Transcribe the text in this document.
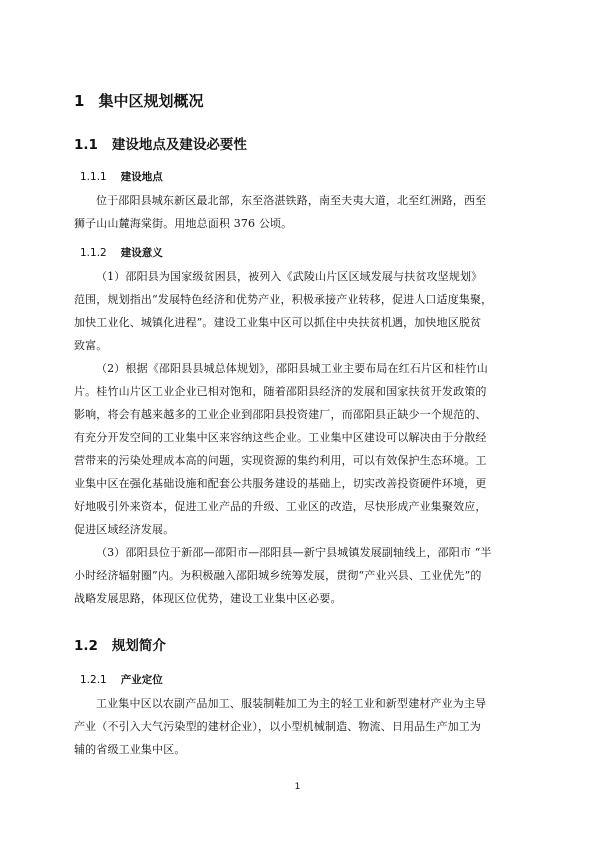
1 集中区规划概况
1.1 建设地点及建设必要性
1.1.1 建设地点
位于邵阳县城东新区最北部，东至洛湛铁路，南至夫夷大道，北至红洲路，西至
狮子山山麓海棠街。用地总面积 376 公顷。
1.1.2 建设意义
（1）邵阳县为国家级贫困县，被列入《武陵山片区区域发展与扶贫攻坚规划》
范围，规划指出“发展特色经济和优势产业，积极承接产业转移，促进人口适度集聚，
加快工业化、城镇化进程”。建设工业集中区可以抓住中央扶贫机遇，加快地区脱贫
致富。
（2）根据《邵阳县县城总体规划》，邵阳县城工业主要布局在红石片区和桂竹山
片。桂竹山片区工业企业已相对饱和，随着邵阳县经济的发展和国家扶贫开发政策的
影响，将会有越来越多的工业企业到邵阳县投资建厂，而邵阳县正缺少一个规范的、
有充分开发空间的工业集中区来容纳这些企业。工业集中区建设可以解决由于分散经
营带来的污染处理成本高的问题，实现资源的集约利用，可以有效保护生态环境。工
业集中区在强化基础设施和配套公共服务建设的基础上，切实改善投资硬件环境，更
好地吸引外来资本，促进工业产品的升级、工业区的改造，尽快形成产业集聚效应，
促进区域经济发展。
（3）邵阳县位于新邵—邵阳市—邵阳县—新宁县城镇发展副轴线上，邵阳市 “半
小时经济辐射圈”内。为积极融入邵阳城乡统筹发展，贯彻“产业兴县、工业优先”的
战略发展思路，体现区位优势，建设工业集中区必要。
1.2 规划简介
1.2.1 产业定位
工业集中区以农副产品加工、服装制鞋加工为主的轻工业和新型建材产业为主导
产业（不引入大气污染型的建材企业），以小型机械制造、物流、日用品生产加工为
辅的省级工业集中区。
1
